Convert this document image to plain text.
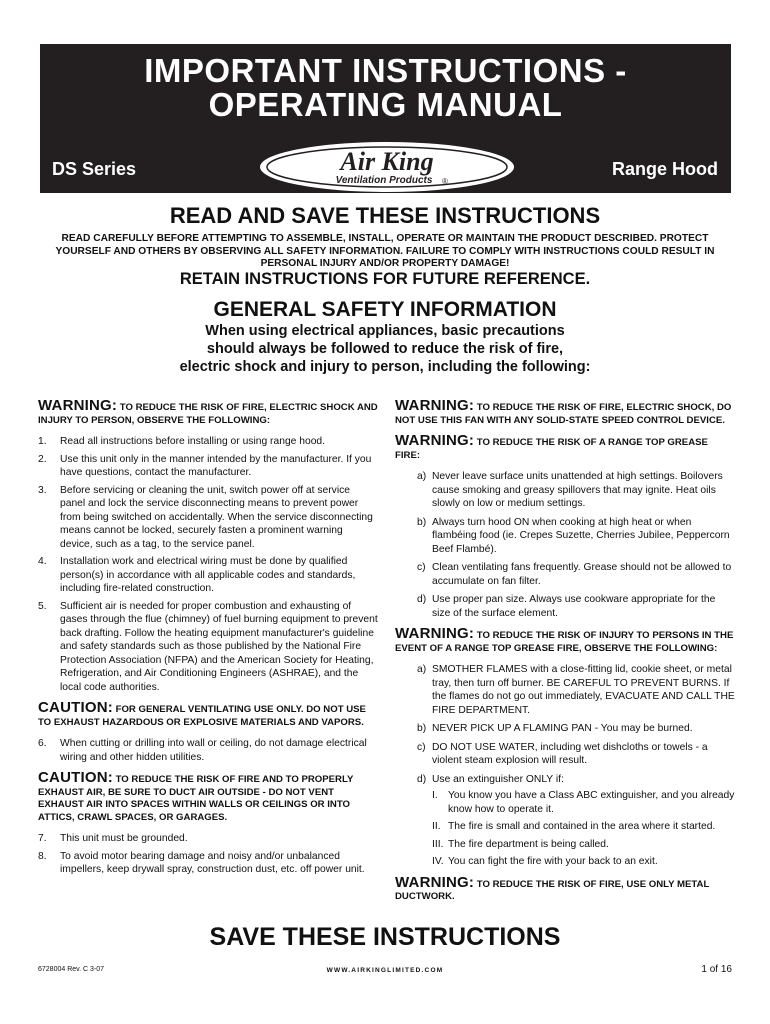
IMPORTANT INSTRUCTIONS -
OPERATING MANUAL
DS Series	Range Hood
Air King
Ventilation Products ®
READ AND SAVE THESE INSTRUCTIONS
READ CAREFULLY BEFORE ATTEMPTING TO ASSEMBLE, INSTALL, OPERATE OR MAINTAIN THE PRODUCT DESCRIBED. PROTECT YOURSELF AND OTHERS BY OBSERVING ALL SAFETY INFORMATION. FAILURE TO COMPLY WITH INSTRUCTIONS COULD RESULT IN PERSONAL INJURY AND/OR PROPERTY DAMAGE!
RETAIN INSTRUCTIONS FOR FUTURE REFERENCE.
GENERAL SAFETY INFORMATION
When using electrical appliances, basic precautions
should always be followed to reduce the risk of fire,
electric shock and injury to person, including the following:
WARNING: TO REDUCE THE RISK OF FIRE, ELECTRIC SHOCK AND INJURY TO PERSON, OBSERVE THE FOLLOWING:
1. Read all instructions before installing or using range hood.
2. Use this unit only in the manner intended by the manufacturer. If you have questions, contact the manufacturer.
3. Before servicing or cleaning the unit, switch power off at service panel and lock the service disconnecting means to prevent power from being switched on accidentally. When the service disconnecting means cannot be locked, securely fasten a prominent warning device, such as a tag, to the service panel.
4. Installation work and electrical wiring must be done by qualified person(s) in accordance with all applicable codes and standards, including fire-related construction.
5. Sufficient air is needed for proper combustion and exhausting of gases through the flue (chimney) of fuel burning equipment to prevent back drafting. Follow the heating equipment manufacturer's guideline and safety standards such as those published by the National Fire Protection Association (NFPA) and the American Society for Heating, Refrigeration, and Air Conditioning Engineers (ASHRAE), and the local code authorities.
CAUTION: FOR GENERAL VENTILATING USE ONLY. DO NOT USE TO EXHAUST HAZARDOUS OR EXPLOSIVE MATERIALS AND VAPORS.
6. When cutting or drilling into wall or ceiling, do not damage electrical wiring and other hidden utilities.
CAUTION: TO REDUCE THE RISK OF FIRE AND TO PROPERLY EXHAUST AIR, BE SURE TO DUCT AIR OUTSIDE - DO NOT VENT EXHAUST AIR INTO SPACES WITHIN WALLS OR CEILINGS OR INTO ATTICS, CRAWL SPACES, OR GARAGES.
7. This unit must be grounded.
8. To avoid motor bearing damage and noisy and/or unbalanced impellers, keep drywall spray, construction dust, etc. off power unit.
WARNING: TO REDUCE THE RISK OF FIRE, ELECTRIC SHOCK, DO NOT USE THIS FAN WITH ANY SOLID-STATE SPEED CONTROL DEVICE.
WARNING: TO REDUCE THE RISK OF A RANGE TOP GREASE FIRE:
a) Never leave surface units unattended at high settings. Boilovers cause smoking and greasy spillovers that may ignite. Heat oils slowly on low or medium settings.
b) Always turn hood ON when cooking at high heat or when flambéing food (ie. Crepes Suzette, Cherries Jubilee, Peppercorn Beef Flambé).
c) Clean ventilating fans frequently. Grease should not be allowed to accumulate on fan filter.
d) Use proper pan size. Always use cookware appropriate for the size of the surface element.
WARNING: TO REDUCE THE RISK OF INJURY TO PERSONS IN THE EVENT OF A RANGE TOP GREASE FIRE, OBSERVE THE FOLLOWING:
a) SMOTHER FLAMES with a close-fitting lid, cookie sheet, or metal tray, then turn off burner. BE CAREFUL TO PREVENT BURNS. If the flames do not go out immediately, EVACUATE AND CALL THE FIRE DEPARTMENT.
b) NEVER PICK UP A FLAMING PAN - You may be burned.
c) DO NOT USE WATER, including wet dishcloths or towels - a violent steam explosion will result.
d) Use an extinguisher ONLY if:
I. You know you have a Class ABC extinguisher, and you already know how to operate it.
II. The fire is small and contained in the area where it started.
III. The fire department is being called.
IV. You can fight the fire with your back to an exit.
WARNING: TO REDUCE THE RISK OF FIRE, USE ONLY METAL DUCTWORK.
SAVE THESE INSTRUCTIONS
6728004 Rev. C 3-07	WWW.AIRKINGLIMITED.COM	1 of 16
